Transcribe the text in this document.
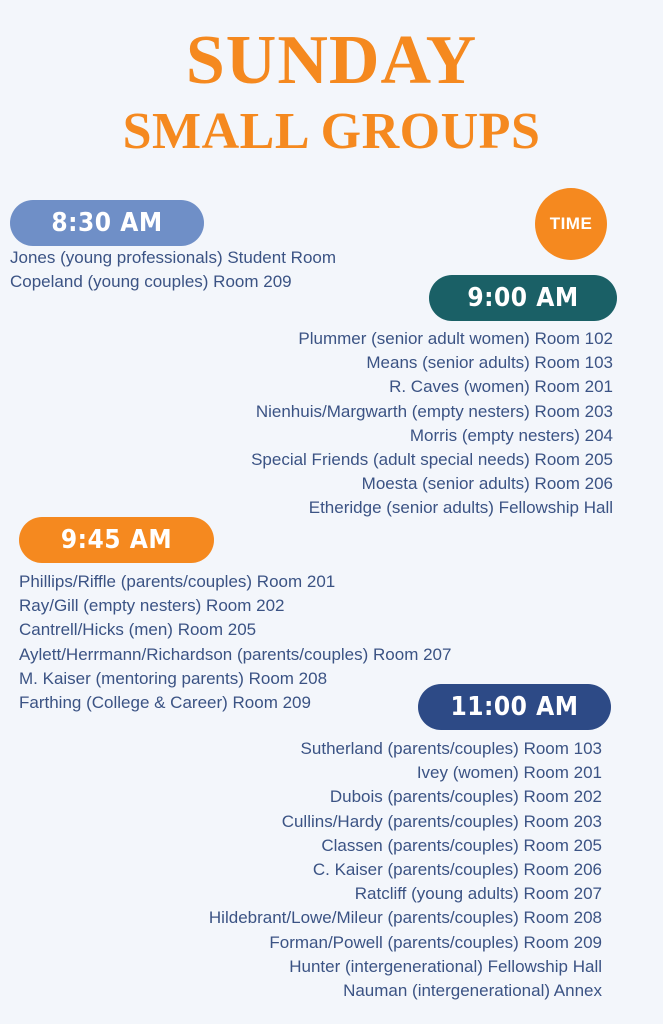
SUNDAY
SMALL GROUPS
TIME
8:30 AM
Jones (young professionals) Student Room
Copeland (young couples) Room 209
9:00 AM
Plummer (senior adult women) Room 102
Means (senior adults) Room 103
R. Caves (women) Room 201
Nienhuis/Margwarth (empty nesters) Room 203
Morris (empty nesters) 204
Special Friends (adult special needs) Room 205
Moesta (senior adults) Room 206
Etheridge (senior adults) Fellowship Hall
9:45 AM
Phillips/Riffle (parents/couples) Room 201
Ray/Gill (empty nesters) Room 202
Cantrell/Hicks (men) Room 205
Aylett/Herrmann/Richardson (parents/couples) Room 207
M. Kaiser (mentoring parents) Room 208
Farthing (College & Career) Room 209	11:00 AM
Sutherland (parents/couples) Room 103
Ivey (women) Room 201
Dubois (parents/couples) Room 202
Cullins/Hardy (parents/couples) Room 203
Classen (parents/couples) Room 205
C. Kaiser (parents/couples) Room 206
Ratcliff (young adults) Room 207
Hildebrant/Lowe/Mileur (parents/couples) Room 208
Forman/Powell (parents/couples) Room 209
Hunter (intergenerational) Fellowship Hall
Nauman (intergenerational) Annex
